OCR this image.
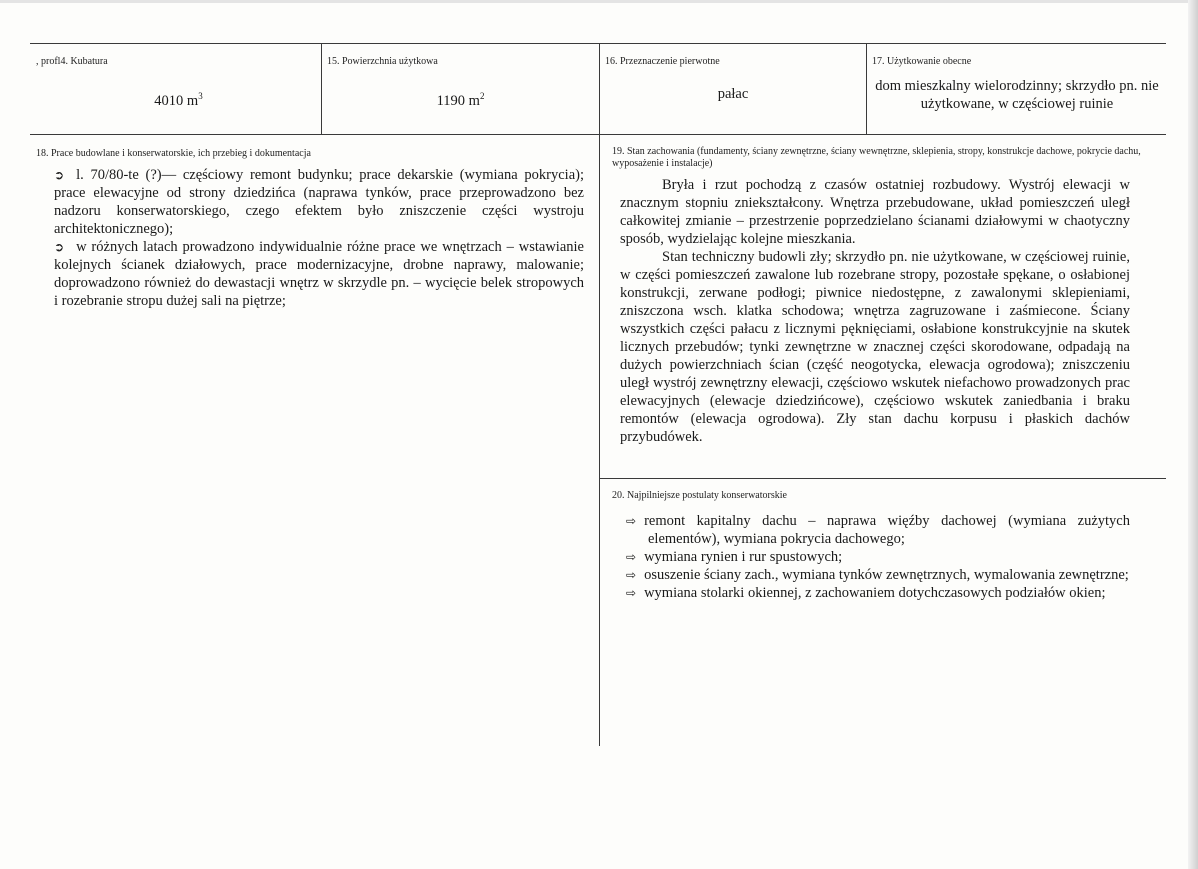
, profl4. Kubatura
4010 $m^3$
15. Powierzchnia użytkowa
1190 $m^2$
16. Przeznaczenie pierwotne
pałac
17. Użytkowanie obecne
dom mieszkalny wielorodzinny; skrzydło pn. nie użytkowane, w częściowej ruinie
18. Prace budowlane i konserwatorskie, ich przebieg i dokumentacja

➲ l. 70/80-te (?)— częściowy remont budynku; prace dekarskie (wymiana pokrycia); prace elewacyjne od strony dziedzińca (naprawa tynków, prace przeprowadzono bez nadzoru konserwatorskiego, czego efektem było zniszczenie części wystroju architektonicznego);

➲ w różnych latach prowadzono indywidualnie różne prace we wnętrzach – wstawianie kolejnych ścianek działowych, prace modernizacyjne, drobne naprawy, malowanie; doprowadzono również do dewastacji wnętrz w skrzydle pn. – wycięcie belek stropowych i rozebranie stropu dużej sali na piętrze;

19. Stan zachowania (fundamenty, ściany zewnętrzne, ściany wewnętrzne, sklepienia, stropy, konstrukcje dachowe, pokrycie dachu, wyposażenie i instalacje)

Bryła i rzut pochodzą z czasów ostatniej rozbudowy. Wystrój elewacji w znacznym stopniu zniekształcony. Wnętrza przebudowane, układ pomieszczeń uległ całkowitej zmianie – przestrzenie poprzedzielano ścianami działowymi w chaotyczny sposób, wydzielając kolejne mieszkania.

Stan techniczny budowli zły; skrzydło pn. nie użytkowane, w częściowej ruinie, w części pomieszczeń zawalone lub rozebrane stropy, pozostałe spękane, o osłabionej konstrukcji, zerwane podłogi; piwnice niedostępne, z zawalonymi sklepieniami, zniszczona wsch. klatka schodowa; wnętrza zagruzowane i zaśmiecone. Ściany wszystkich części pałacu z licznymi pęknięciami, osłabione konstrukcyjnie na skutek licznych przebudów; tynki zewnętrzne w znacznej części skorodowane, odpadają na dużych powierzchniach ścian (część neogotycka, elewacja ogrodowa); zniszczeniu uległ wystrój zewnętrzny elewacji, częściowo wskutek niefachowo prowadzonych prac elewacyjnych (elewacje dziedzińcowe), częściowo wskutek zaniedbania i braku remontów (elewacja ogrodowa). Zły stan dachu korpusu i płaskich dachów przybudówek.

20. Najpilniejsze postulaty konserwatorskie
⇨ remont kapitalny dachu – naprawa więźby dachowej (wymiana zużytych elementów), wymiana pokrycia dachowego;
⇨ wymiana rynien i rur spustowych;
⇨ osuszenie ściany zach., wymiana tynków zewnętrznych, wymalowania zewnętrzne;
⇨ wymiana stolarki okiennej, z zachowaniem dotychczasowych podziałów okien;
